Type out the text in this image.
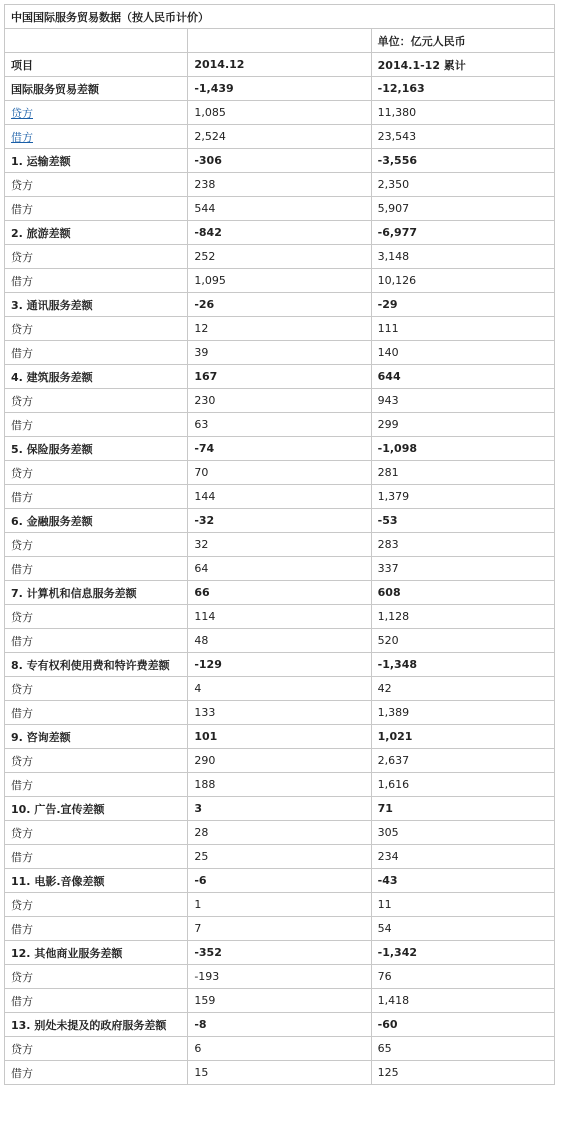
中国国际服务贸易数据（按人民币计价）		
		单位：亿元人民币
项目	2014.12	2014.1-12 累计
国际服务贸易差额	-1,439	-12,163
贷方	1,085	11,380
借方	2,524	23,543
1. 运输差额	-306	-3,556
贷方	238	2,350
借方	544	5,907
2. 旅游差额	-842	-6,977
贷方	252	3,148
借方	1,095	10,126
3. 通讯服务差额	-26	-29
贷方	12	111
借方	39	140
4. 建筑服务差额	167	644
贷方	230	943
借方	63	299
5. 保险服务差额	-74	-1,098
贷方	70	281
借方	144	1,379
6. 金融服务差额	-32	-53
贷方	32	283
借方	64	337
7. 计算机和信息服务差额	66	608
贷方	114	1,128
借方	48	520
8. 专有权利使用费和特许费差额	-129	-1,348
贷方	4	42
借方	133	1,389
9. 咨询差额	101	1,021
贷方	290	2,637
借方	188	1,616
10. 广告.宣传差额	3	71
贷方	28	305
借方	25	234
11. 电影.音像差额	-6	-43
贷方	1	11
借方	7	54
12. 其他商业服务差额	-352	-1,342
贷方	-193	76
借方	159	1,418
13. 别处未提及的政府服务差额	-8	-60
贷方	6	65
借方	15	125
